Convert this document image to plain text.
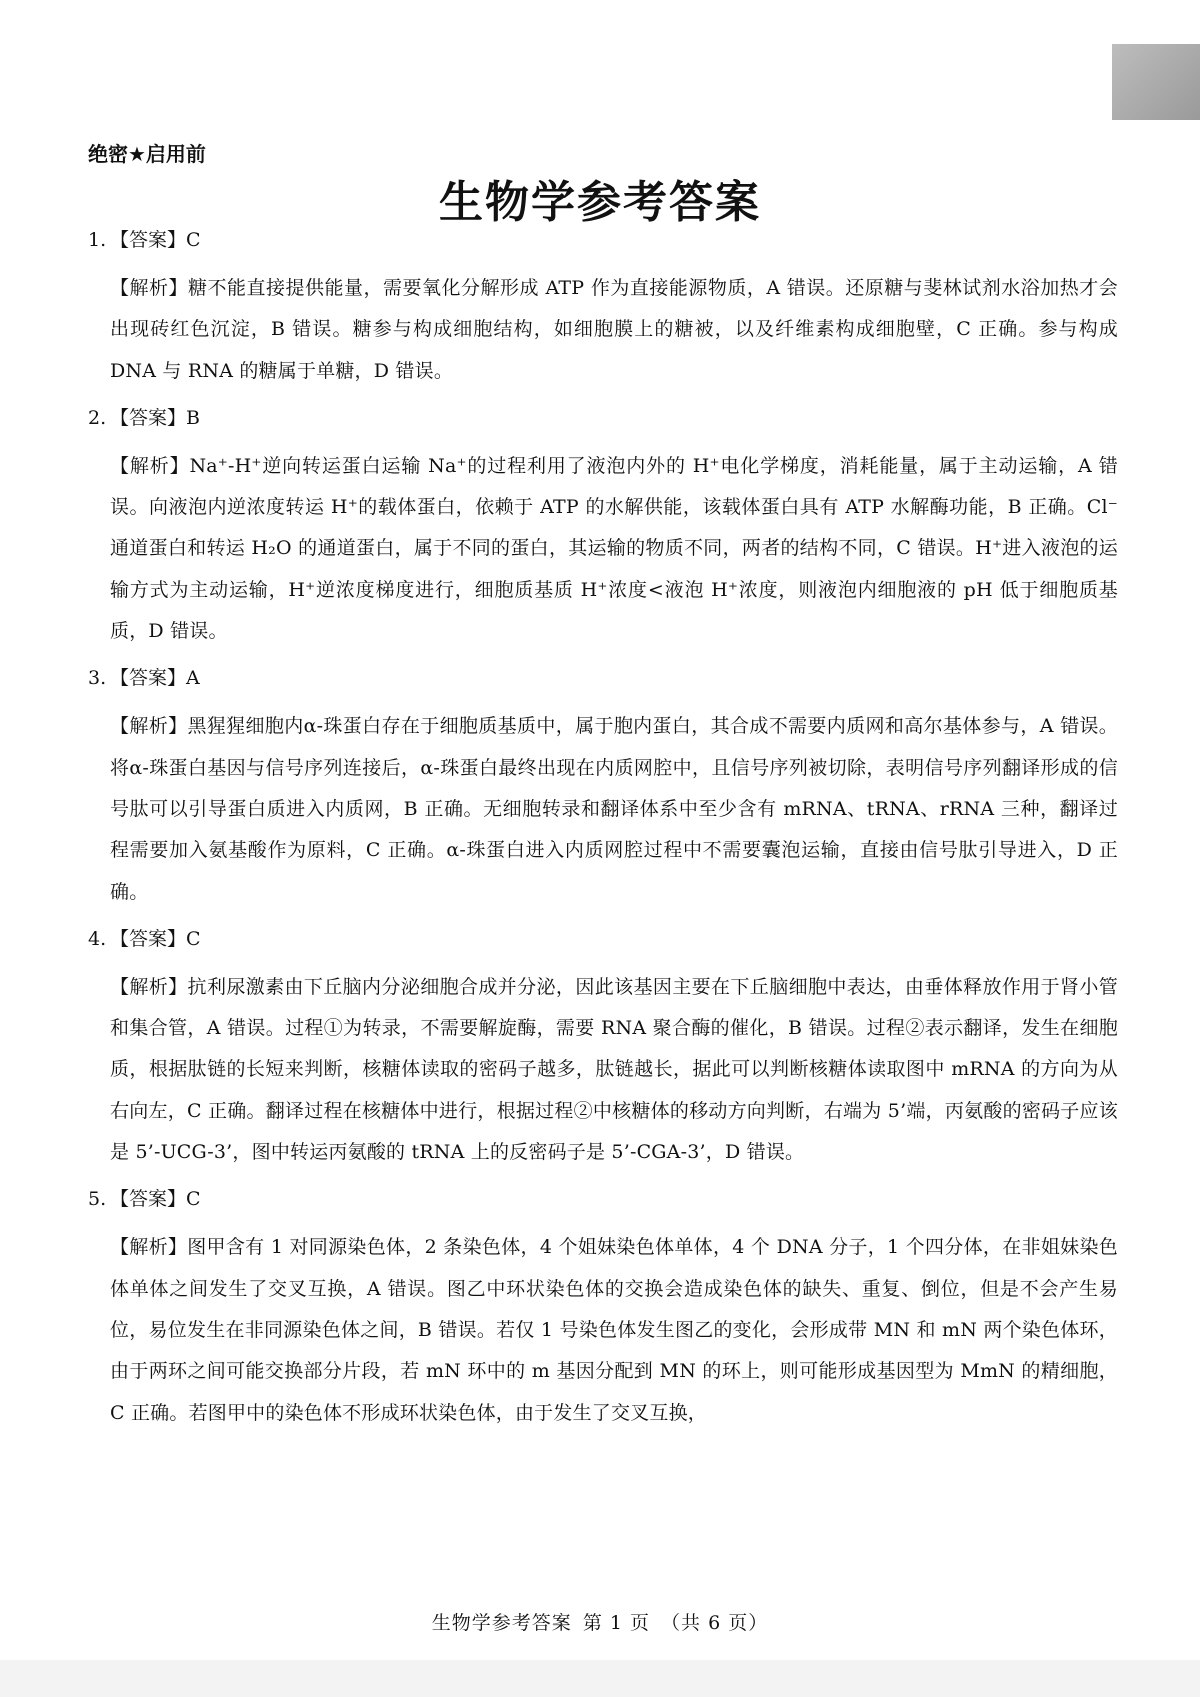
绝密★启用前
生物学参考答案

1. 【答案】C

【解析】糖不能直接提供能量，需要氧化分解形成 ATP 作为直接能源物质，A 错误。还原糖与斐林试剂水浴加热才会出现砖红色沉淀，B 错误。糖参与构成细胞结构，如细胞膜上的糖被，以及纤维素构成细胞壁，C 正确。参与构成 DNA 与 RNA 的糖属于单糖，D 错误。

2. 【答案】B

【解析】Na⁺-H⁺逆向转运蛋白运输 Na⁺的过程利用了液泡内外的 H⁺电化学梯度，消耗能量，属于主动运输，A 错误。向液泡内逆浓度转运 H⁺的载体蛋白，依赖于 ATP 的水解供能，该载体蛋白具有 ATP 水解酶功能，B 正确。Cl⁻通道蛋白和转运 H₂O 的通道蛋白，属于不同的蛋白，其运输的物质不同，两者的结构不同，C 错误。H⁺进入液泡的运输方式为主动运输，H⁺逆浓度梯度进行，细胞质基质 H⁺浓度<液泡 H⁺浓度，则液泡内细胞液的 pH 低于细胞质基质，D 错误。

3. 【答案】A

【解析】黑猩猩细胞内α-珠蛋白存在于细胞质基质中，属于胞内蛋白，其合成不需要内质网和高尔基体参与，A 错误。将α-珠蛋白基因与信号序列连接后，α-珠蛋白最终出现在内质网腔中，且信号序列被切除，表明信号序列翻译形成的信号肽可以引导蛋白质进入内质网，B 正确。无细胞转录和翻译体系中至少含有 mRNA、tRNA、rRNA 三种，翻译过程需要加入氨基酸作为原料，C 正确。α-珠蛋白进入内质网腔过程中不需要囊泡运输，直接由信号肽引导进入，D 正确。

4. 【答案】C

【解析】抗利尿激素由下丘脑内分泌细胞合成并分泌，因此该基因主要在下丘脑细胞中表达，由垂体释放作用于肾小管和集合管，A 错误。过程①为转录，不需要解旋酶，需要 RNA 聚合酶的催化，B 错误。过程②表示翻译，发生在细胞质，根据肽链的长短来判断，核糖体读取的密码子越多，肽链越长，据此可以判断核糖体读取图中 mRNA 的方向为从右向左，C 正确。翻译过程在核糖体中进行，根据过程②中核糖体的移动方向判断，右端为 5’端，丙氨酸的密码子应该是 5’-UCG-3’，图中转运丙氨酸的 tRNA 上的反密码子是 5’-CGA-3’，D 错误。

5. 【答案】C

【解析】图甲含有 1 对同源染色体，2 条染色体，4 个姐妹染色体单体，4 个 DNA 分子，1 个四分体，在非姐妹染色体单体之间发生了交叉互换，A 错误。图乙中环状染色体的交换会造成染色体的缺失、重复、倒位，但是不会产生易位，易位发生在非同源染色体之间，B 错误。若仅 1 号染色体发生图乙的变化，会形成带 MN 和 mN 两个染色体环，由于两环之间可能交换部分片段，若 mN 环中的 m 基因分配到 MN 的环上，则可能形成基因型为 MmN 的精细胞，C 正确。若图甲中的染色体不形成环状染色体，由于发生了交叉互换，

生物学参考答案 第 1 页 （共 6 页）
